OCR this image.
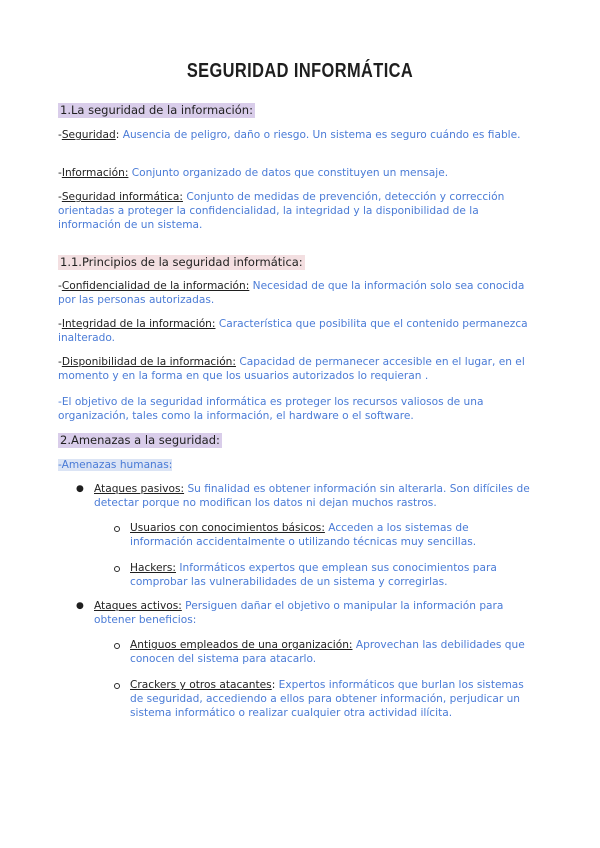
SEGURIDAD INFORMÁTICA
1.La seguridad de la información:
-Seguridad: Ausencia de peligro, daño o riesgo. Un sistema es seguro cuándo es fiable.
-Información: Conjunto organizado de datos que constituyen un mensaje.
-Seguridad informática: Conjunto de medidas de prevención, detección y corrección orientadas a proteger la confidencialidad, la integridad y la disponibilidad de la información de un sistema.
1.1.Principios de la seguridad informática:
-Confidencialidad de la información: Necesidad de que la información solo sea conocida por las personas autorizadas.
-Integridad de la información: Característica que posibilita que el contenido permanezca inalterado.
-Disponibilidad de la información: Capacidad de permanecer accesible en el lugar, en el momento y en la forma en que los usuarios autorizados lo requieran .
-El objetivo de la seguridad informática es proteger los recursos valiosos de una organización, tales como la información, el hardware o el software.
2.Amenazas a la seguridad:
-Amenazas humanas:
● Ataques pasivos: Su finalidad es obtener información sin alterarla. Son difíciles de detectar porque no modifican los datos ni dejan muchos rastros.
Usuarios con conocimientos básicos: Acceden a los sistemas de información accidentalmente o utilizando técnicas muy sencillas.
Hackers: Informáticos expertos que emplean sus conocimientos para comprobar las vulnerabilidades de un sistema y corregirlas.
● Ataques activos: Persiguen dañar el objetivo o manipular la información para obtener beneficios:
Antiguos empleados de una organización: Aprovechan las debilidades que conocen del sistema para atacarlo.
Crackers y otros atacantes: Expertos informáticos que burlan los sistemas de seguridad, accediendo a ellos para obtener información, perjudicar un sistema informático o realizar cualquier otra actividad ilícita.
